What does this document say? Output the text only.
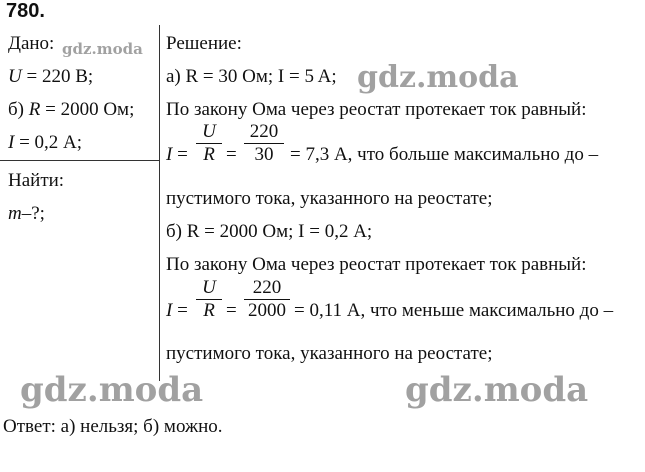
780.
Дано:
U = 220 В;
б) R = 2000 Ом;
I = 0,2 А;
Найти:
m–?;
Решение:
а) R = 30 Ом; I = 5 A;
По закону Ома через реостат протекает ток равный:
$I = \frac{U}{R} = \frac{220}{30} = 7,3$ А, что больше максимально до –
пустимого тока, указанного на реостате;
б) R = 2000 Ом; I = 0,2 А;
По закону Ома через реостат протекает ток равный:
$I = \frac{U}{R} = \frac{220}{2000} = 0,11$ А, что меньше максимально до –
пустимого тока, указанного на реостате;
Ответ: а) нельзя; б) можно.
gdz.moda
gdz.moda
gdz.moda	gdz.moda
